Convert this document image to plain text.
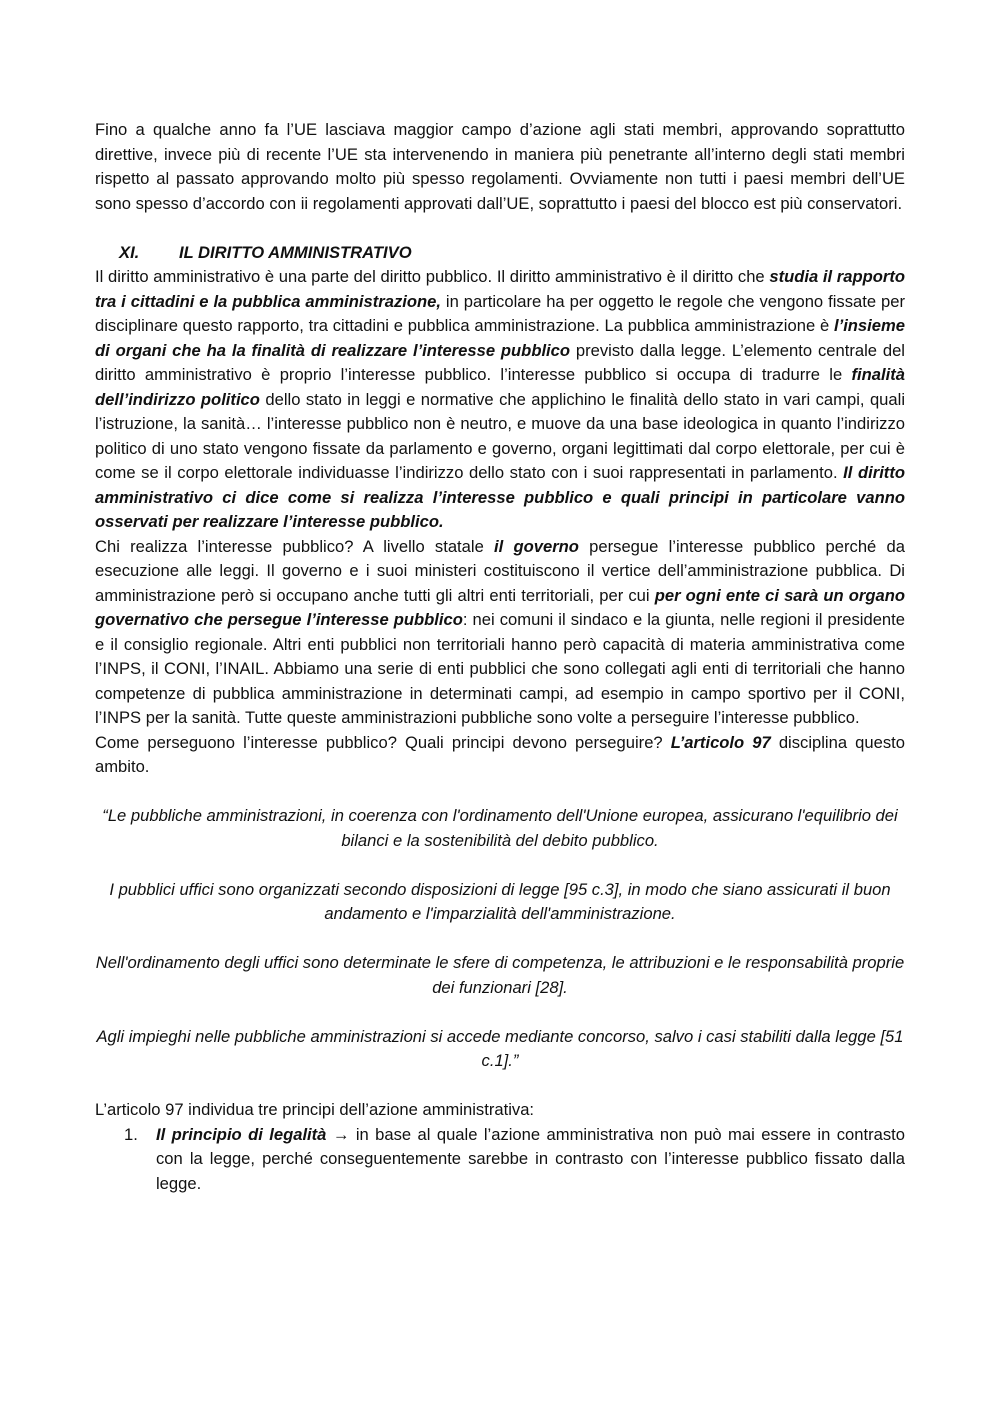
Fino a qualche anno fa l’UE lasciava maggior campo d’azione agli stati membri, approvando soprattutto direttive, invece più di recente l’UE sta intervenendo in maniera più penetrante all’interno degli stati membri rispetto al passato approvando molto più spesso regolamenti. Ovviamente non tutti i paesi membri dell’UE sono spesso d’accordo con ii regolamenti approvati dall’UE, soprattutto i paesi del blocco est più conservatori.

XI.	IL DIRITTO AMMINISTRATIVO

Il diritto amministrativo è una parte del diritto pubblico. Il diritto amministrativo è il diritto che studia il rapporto tra i cittadini e la pubblica amministrazione, in particolare ha per oggetto le regole che vengono fissate per disciplinare questo rapporto, tra cittadini e pubblica amministrazione. La pubblica amministrazione è l’insieme di organi che ha la finalità di realizzare l’interesse pubblico previsto dalla legge. L’elemento centrale del diritto amministrativo è proprio l’interesse pubblico. l’interesse pubblico si occupa di tradurre le finalità dell’indirizzo politico dello stato in leggi e normative che applichino le finalità dello stato in vari campi, quali l’istruzione, la sanità… l’interesse pubblico non è neutro, e muove da una base ideologica in quanto l’indirizzo politico di uno stato vengono fissate da parlamento e governo, organi legittimati dal corpo elettorale, per cui è come se il corpo elettorale individuasse l’indirizzo dello stato con i suoi rappresentati in parlamento. Il diritto amministrativo ci dice come si realizza l’interesse pubblico e quali principi in particolare vanno osservati per realizzare l’interesse pubblico.

Chi realizza l’interesse pubblico? A livello statale il governo persegue l’interesse pubblico perché da esecuzione alle leggi. Il governo e i suoi ministeri costituiscono il vertice dell’amministrazione pubblica. Di amministrazione però si occupano anche tutti gli altri enti territoriali, per cui per ogni ente ci sarà un organo governativo che persegue l’interesse pubblico: nei comuni il sindaco e la giunta, nelle regioni il presidente e il consiglio regionale. Altri enti pubblici non territoriali hanno però capacità di materia amministrativa come l’INPS, il CONI, l’INAIL. Abbiamo una serie di enti pubblici che sono collegati agli enti di territoriali che hanno competenze di pubblica amministrazione in determinati campi, ad esempio in campo sportivo per il CONI, l’INPS per la sanità. Tutte queste amministrazioni pubbliche sono volte a perseguire l’interesse pubblico.

Come perseguono l’interesse pubblico? Quali principi devono perseguire? L’articolo 97 disciplina questo ambito.

“Le pubbliche amministrazioni, in coerenza con l'ordinamento dell'Unione europea, assicurano l'equilibrio dei bilanci e la sostenibilità del debito pubblico.

I pubblici uffici sono organizzati secondo disposizioni di legge [95 c.3], in modo che siano assicurati il buon andamento e l'imparzialità dell'amministrazione.

Nell'ordinamento degli uffici sono determinate le sfere di competenza, le attribuzioni e le responsabilità proprie dei funzionari [28].

Agli impieghi nelle pubbliche amministrazioni si accede mediante concorso, salvo i casi stabiliti dalla legge [51 c.1].”

L’articolo 97 individua tre principi dell’azione amministrativa:

1.	Il principio di legalità → in base al quale l’azione amministrativa non può mai essere in contrasto con la legge, perché conseguentemente sarebbe in contrasto con l’interesse pubblico fissato dalla legge.
